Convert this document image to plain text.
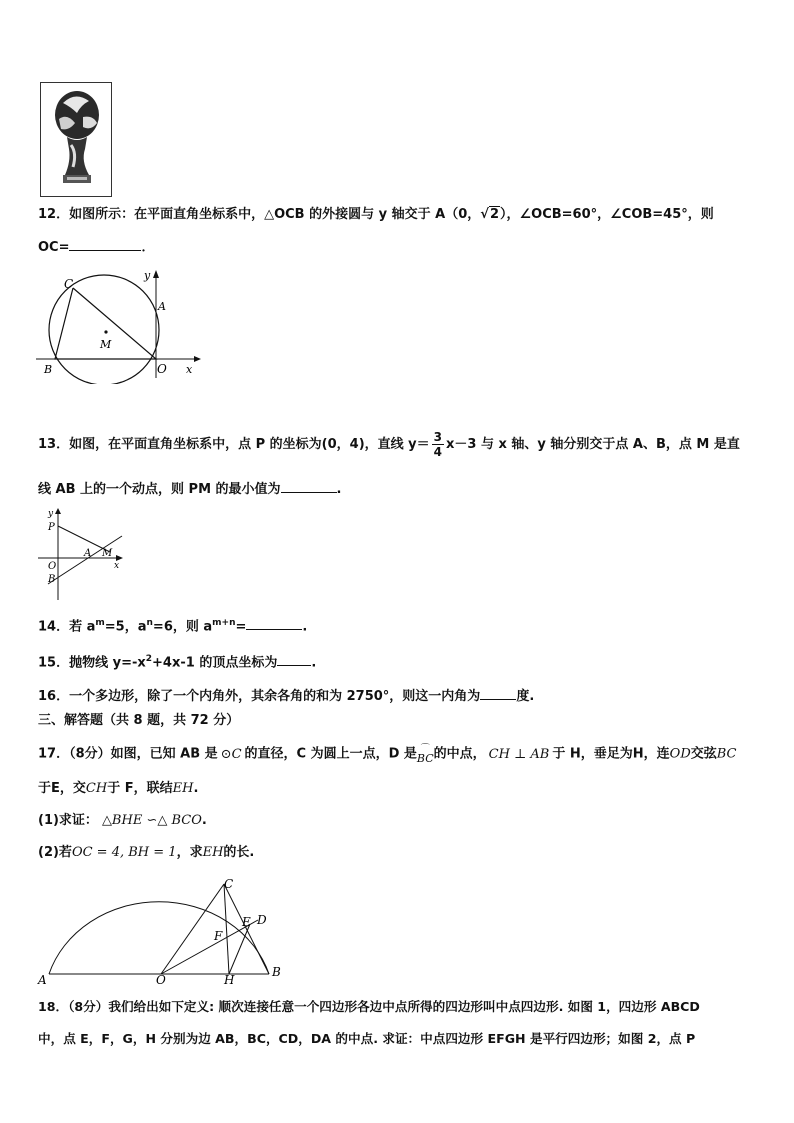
12．如图所示：在平面直角坐标系中，△OCB 的外接圆与 y 轴交于 A（0，√2），∠OCB=60°，∠COB=45°，则
OC=	．
C
A
M
B	O x
y
13．如图，在平面直角坐标系中，点 P 的坐标为(0，4)，直线 $y= \frac{3}{4} x-3$ 与 x 轴、y 轴分别交于点 A、B，点 M 是直
线 AB 上的一个动点，则 PM 的最小值为	.
y
P
A M
O	x
B
14．若 $a^m=5$，$a^n=6$，则 $a^{m+n}=$	.
15．抛物线 $y=-x^2+4x-1$ 的顶点坐标为	.
16．一个多边形，除了一个内角外，其余各角的和为 2750°，则这一内角为	度.
三、解答题（共 8 题，共 72 分）
17．（8分）如图，已知 AB 是 ⊙C 的直径，C 为圆上一点，D 是 ⌒
BC的中点， CH ⊥ AB 于 H，垂足为H，连OD交弦BC
于E，交CH于 F，联结EH.
(1)求证： △BHE ∽△ BCO.
(2)若OC = 4, BH = 1，求EH的长.
C
E D
F
A	O	H
B
18．（8分）我们给出如下定义: 顺次连接任意一个四边形各边中点所得的四边形叫中点四边形. 如图 1，四边形 ABCD
中，点 E，F，G，H 分别为边 AB，BC，CD，DA 的中点. 求证：中点四边形 EFGH 是平行四边形；如图 2，点 P
